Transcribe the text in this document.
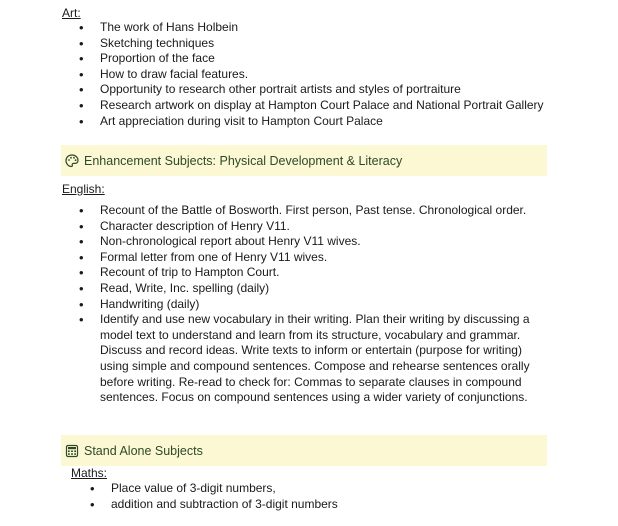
Art:
• The work of Hans Holbein
• Sketching techniques
• Proportion of the face
• How to draw facial features.
• Opportunity to research other portrait artists and styles of portraiture
• Research artwork on display at Hampton Court Palace and National Portrait Gallery
• Art appreciation during visit to Hampton Court Palace
Enhancement Subjects: Physical Development & Literacy
English:
• Recount of the Battle of Bosworth. First person, Past tense. Chronological order.
• Character description of Henry V11.
• Non-chronological report about Henry V11 wives.
• Formal letter from one of Henry V11 wives.
• Recount of trip to Hampton Court.
• Read, Write, Inc. spelling (daily)
• Handwriting (daily)
• Identify and use new vocabulary in their writing. Plan their writing by discussing a model text to understand and learn from its structure, vocabulary and grammar. Discuss and record ideas. Write texts to inform or entertain (purpose for writing) using simple and compound sentences. Compose and rehearse sentences orally before writing. Re-read to check for: Commas to separate clauses in compound sentences. Focus on compound sentences using a wider variety of conjunctions.
Stand Alone Subjects
Maths:
• Place value of 3-digit numbers,
• addition and subtraction of 3-digit numbers
